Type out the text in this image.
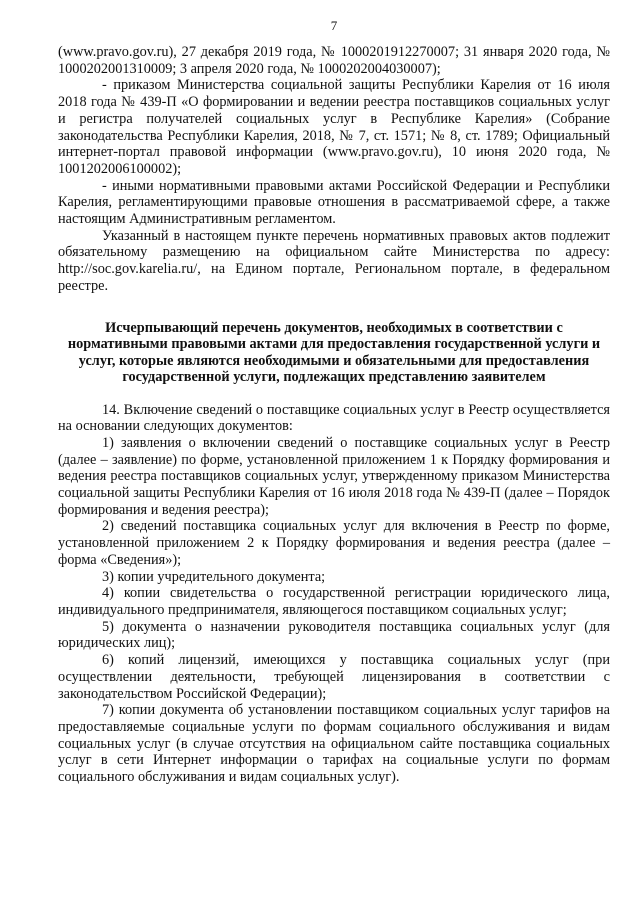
7

(www.pravo.gov.ru), 27 декабря 2019 года, № 1000201912270007; 31 января 2020 года, № 1000202001310009; 3 апреля 2020 года, № 1000202004030007);

- приказом Министерства социальной защиты Республики Карелия от 16 июля 2018 года № 439-П «О формировании и ведении реестра поставщиков социальных услуг и регистра получателей социальных услуг в Республике Карелия» (Собрание законодательства Республики Карелия, 2018, № 7, ст. 1571; № 8, ст. 1789; Официальный интернет-портал правовой информации (www.pravo.gov.ru), 10 июня 2020 года, № 1001202006100002);

- иными нормативными правовыми актами Российской Федерации и Республики Карелия, регламентирующими правовые отношения в рассматриваемой сфере, а также настоящим Административным регламентом.

Указанный в настоящем пункте перечень нормативных правовых актов подлежит обязательному размещению на официальном сайте Министерства по адресу: http://soc.gov.karelia.ru/, на Едином портале, Региональном портале, в федеральном реестре.

Исчерпывающий перечень документов, необходимых в соответствии с нормативными правовыми актами для предоставления государственной услуги и услуг, которые являются необходимыми и обязательными для предоставления государственной услуги, подлежащих представлению заявителем

14. Включение сведений о поставщике социальных услуг в Реестр осуществляется на основании следующих документов:

1) заявления о включении сведений о поставщике социальных услуг в Реестр (далее – заявление) по форме, установленной приложением 1 к Порядку формирования и ведения реестра поставщиков социальных услуг, утвержденному приказом Министерства социальной защиты Республики Карелия от 16 июля 2018 года № 439-П (далее – Порядок формирования и ведения реестра);

2) сведений поставщика социальных услуг для включения в Реестр по форме, установленной приложением 2 к Порядку формирования и ведения реестра (далее – форма «Сведения»);

3) копии учредительного документа;

4) копии свидетельства о государственной регистрации юридического лица, индивидуального предпринимателя, являющегося поставщиком социальных услуг;

5) документа о назначении руководителя поставщика социальных услуг (для юридических лиц);

6) копий лицензий, имеющихся у поставщика социальных услуг (при осуществлении деятельности, требующей лицензирования в соответствии с законодательством Российской Федерации);

7) копии документа об установлении поставщиком социальных услуг тарифов на предоставляемые социальные услуги по формам социального обслуживания и видам социальных услуг (в случае отсутствия на официальном сайте поставщика социальных услуг в сети Интернет информации о тарифах на социальные услуги по формам социального обслуживания и видам социальных услуг).
